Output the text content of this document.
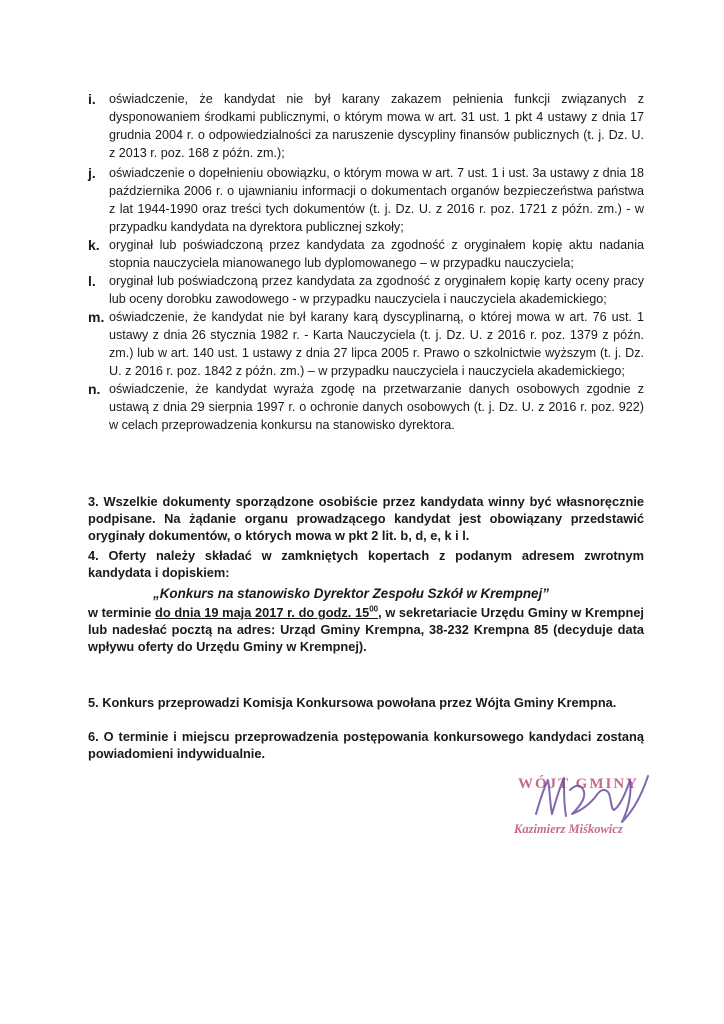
i. oświadczenie, że kandydat nie był karany zakazem pełnienia funkcji związanych z dysponowaniem środkami publicznymi, o którym mowa w art. 31 ust. 1 pkt 4 ustawy z dnia 17 grudnia 2004 r. o odpowiedzialności za naruszenie dyscypliny finansów publicznych (t. j. Dz. U. z 2013 r. poz. 168 z późn. zm.);

j. oświadczenie o dopełnieniu obowiązku, o którym mowa w art. 7 ust. 1 i ust. 3a ustawy z dnia 18 października 2006 r. o ujawnianiu informacji o dokumentach organów bezpieczeństwa państwa z lat 1944-1990 oraz treści tych dokumentów (t. j. Dz. U. z 2016 r. poz. 1721 z późn. zm.) - w przypadku kandydata na dyrektora publicznej szkoły;

k. oryginał lub poświadczoną przez kandydata za zgodność z oryginałem kopię aktu nadania stopnia nauczyciela mianowanego lub dyplomowanego – w przypadku nauczyciela;

l. oryginał lub poświadczoną przez kandydata za zgodność z oryginałem kopię karty oceny pracy lub oceny dorobku zawodowego - w przypadku nauczyciela i nauczyciela akademickiego;

m. oświadczenie, że kandydat nie był karany karą dyscyplinarną, o której mowa w art. 76 ust. 1 ustawy z dnia 26 stycznia 1982 r. - Karta Nauczyciela (t. j. Dz. U. z 2016 r. poz. 1379 z późn. zm.) lub w art. 140 ust. 1 ustawy z dnia 27 lipca 2005 r. Prawo o szkolnictwie wyższym (t. j. Dz. U. z 2016 r. poz. 1842 z późn. zm.) – w przypadku nauczyciela i nauczyciela akademickiego;

n. oświadczenie, że kandydat wyraża zgodę na przetwarzanie danych osobowych zgodnie z ustawą z dnia 29 sierpnia 1997 r. o ochronie danych osobowych (t. j. Dz. U. z 2016 r. poz. 922) w celach przeprowadzenia konkursu na stanowisko dyrektora.

3. Wszelkie dokumenty sporządzone osobiście przez kandydata winny być własnoręcznie podpisane. Na żądanie organu prowadzącego kandydat jest obowiązany przedstawić oryginały dokumentów, o których mowa w pkt 2 lit. b, d, e, k i l.

4. Oferty należy składać w zamkniętych kopertach z podanym adresem zwrotnym kandydata i dopiskiem:
„Konkurs na stanowisko Dyrektor Zespołu Szkół w Krempnej”
w terminie do dnia 19 maja 2017 r. do godz. $15^{00}$, w sekretariacie Urzędu Gminy w Krempnej lub nadesłać pocztą na adres: Urząd Gminy Krempna, 38-232 Krempna 85 (decyduje data wpływu oferty do Urzędu Gminy w Krempnej).

5. Konkurs przeprowadzi Komisja Konkursowa powołana przez Wójta Gminy Krempna.

6. O terminie i miejscu przeprowadzenia postępowania konkursowego kandydaci zostaną powiadomieni indywidualnie.

WÓJT GMINY
Kazimierz Miśkowicz
